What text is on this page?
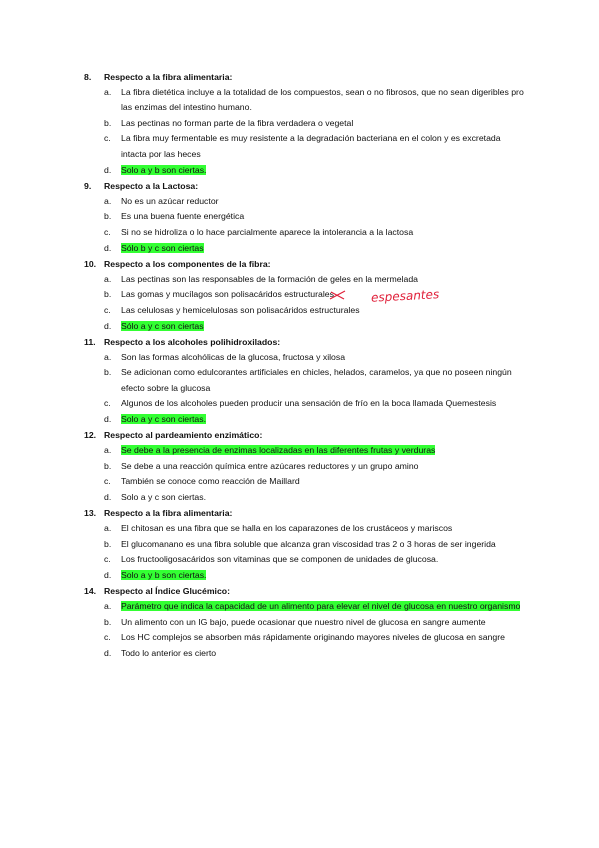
8.	Respecto a la fibra alimentaria:
a.	La fibra dietética incluye a la totalidad de los compuestos, sean o no fibrosos, que no sean digeribles pro las enzimas del intestino humano.
b.	Las pectinas no forman parte de la fibra verdadera o vegetal
c.	La fibra muy fermentable es muy resistente a la degradación bacteriana en el colon y es excretada intacta por las heces
d.	Solo a y b son ciertas.
9.	Respecto a la Lactosa:
a.	No es un azúcar reductor
b.	Es una buena fuente energética
c.	Si no se hidroliza o lo hace parcialmente aparece la intolerancia a la lactosa
d.	Sólo b y c son ciertas
10. Respecto a los componentes de la fibra:
a.	Las pectinas son las responsables de la formación de geles en la mermelada
b.	Las gomas y mucílagos son polisacáridos estructurales
c.	Las celulosas y hemicelulosas son polisacáridos estructurales
d.	Sólo a y c son ciertas
11. Respecto a los alcoholes polihidroxilados:
a.	Son las formas alcohólicas de la glucosa, fructosa y xilosa
b.	Se adicionan como edulcorantes artificiales en chicles, helados, caramelos, ya que no poseen ningún efecto sobre la glucosa
c.	Algunos de los alcoholes pueden producir una sensación de frío en la boca llamada Quemestesis
d.	Solo a y c son ciertas.
12. Respecto al pardeamiento enzimático:
a.	Se debe a la presencia de enzimas localizadas en las diferentes frutas y verduras
b.	Se debe a una reacción química entre azúcares reductores y un grupo amino
c.	También se conoce como reacción de Maillard
d.	Solo a y c son ciertas.
13. Respecto a la fibra alimentaria:
a.	El chitosan es una fibra que se halla en los caparazones de los crustáceos y mariscos
b.	El glucomanano es una fibra soluble que alcanza gran viscosidad tras 2 o 3 horas de ser ingerida
c.	Los fructooligosacáridos son vitaminas que se componen de unidades de glucosa.
d.	Solo a y b son ciertas.
14. Respecto al Índice Glucémico:
a.	Parámetro que indica la capacidad de un alimento para elevar el nivel de glucosa en nuestro organismo
b.	Un alimento con un IG bajo, puede ocasionar que nuestro nivel de glucosa en sangre aumente
c.	Los HC complejos se absorben más rápidamente originando mayores niveles de glucosa en sangre
d.	Todo lo anterior es cierto
espesantes
